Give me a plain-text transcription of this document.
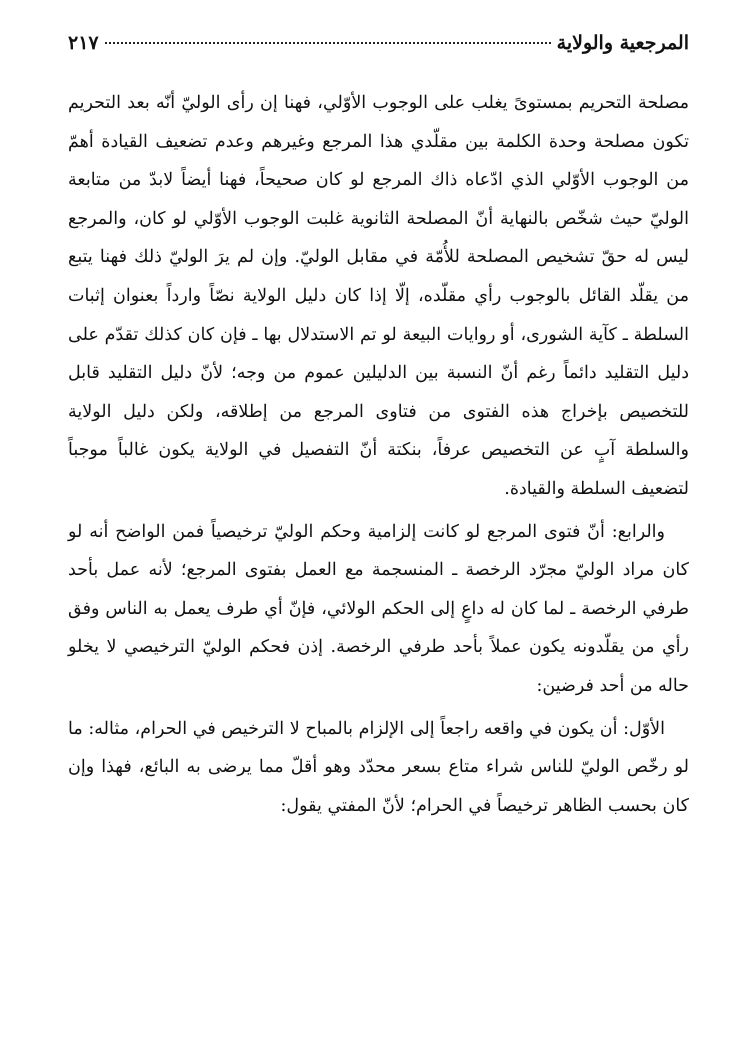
المرجعية والولاية
٢١٧

مصلحة التحريم بمستوىً يغلب على الوجوب الأوّلي، فهنا إن رأى الوليّ أنّه بعد التحريم تكون مصلحة وحدة الكلمة بين مقلّدي هذا المرجع وغيرهم وعدم تضعيف القيادة أهمّ من الوجوب الأوّلي الذي ادّعاه ذاك المرجع لو كان صحيحاً، فهنا أيضاً لابدّ من متابعة الوليّ حيث شخّص بالنهاية أنّ المصلحة الثانوية غلبت الوجوب الأوّلي لو كان، والمرجع ليس له حقّ تشخيص المصلحة للأُمّة في مقابل الوليّ. وإن لم يرَ الوليّ ذلك فهنا يتبع من يقلّد القائل بالوجوب رأي مقلّده، إلّا إذا كان دليل الولاية نصّاً وارداً بعنوان إثبات السلطة ـ كآية الشورى، أو روايات البيعة لو تم الاستدلال بها ـ فإن كان كذلك تقدّم على دليل التقليد دائماً رغم أنّ النسبة بين الدليلين عموم من وجه؛ لأنّ دليل التقليد قابل للتخصيص بإخراج هذه الفتوى من فتاوى المرجع من إطلاقه، ولكن دليل الولاية والسلطة آبٍ عن التخصيص عرفاً، بنكتة أنّ التفصيل في الولاية يكون غالباً موجباً لتضعيف السلطة والقيادة.

والرابع: أنّ فتوى المرجع لو كانت إلزامية وحكم الوليّ ترخيصياً فمن الواضح أنه لو كان مراد الوليّ مجرّد الرخصة ـ المنسجمة مع العمل بفتوى المرجع؛ لأنه عمل بأحد طرفي الرخصة ـ لما كان له داعٍ إلى الحكم الولائي، فإنّ أي طرف يعمل به الناس وفق رأي من يقلّدونه يكون عملاً بأحد طرفي الرخصة. إذن فحكم الوليّ الترخيصي لا يخلو حاله من أحد فرضين:

الأوّل: أن يكون في واقعه راجعاً إلى الإلزام بالمباح لا الترخيص في الحرام، مثاله: ما لو رخّص الوليّ للناس شراء متاع بسعر محدّد وهو أقلّ مما يرضى به البائع، فهذا وإن كان بحسب الظاهر ترخيصاً في الحرام؛ لأنّ المفتي يقول:
